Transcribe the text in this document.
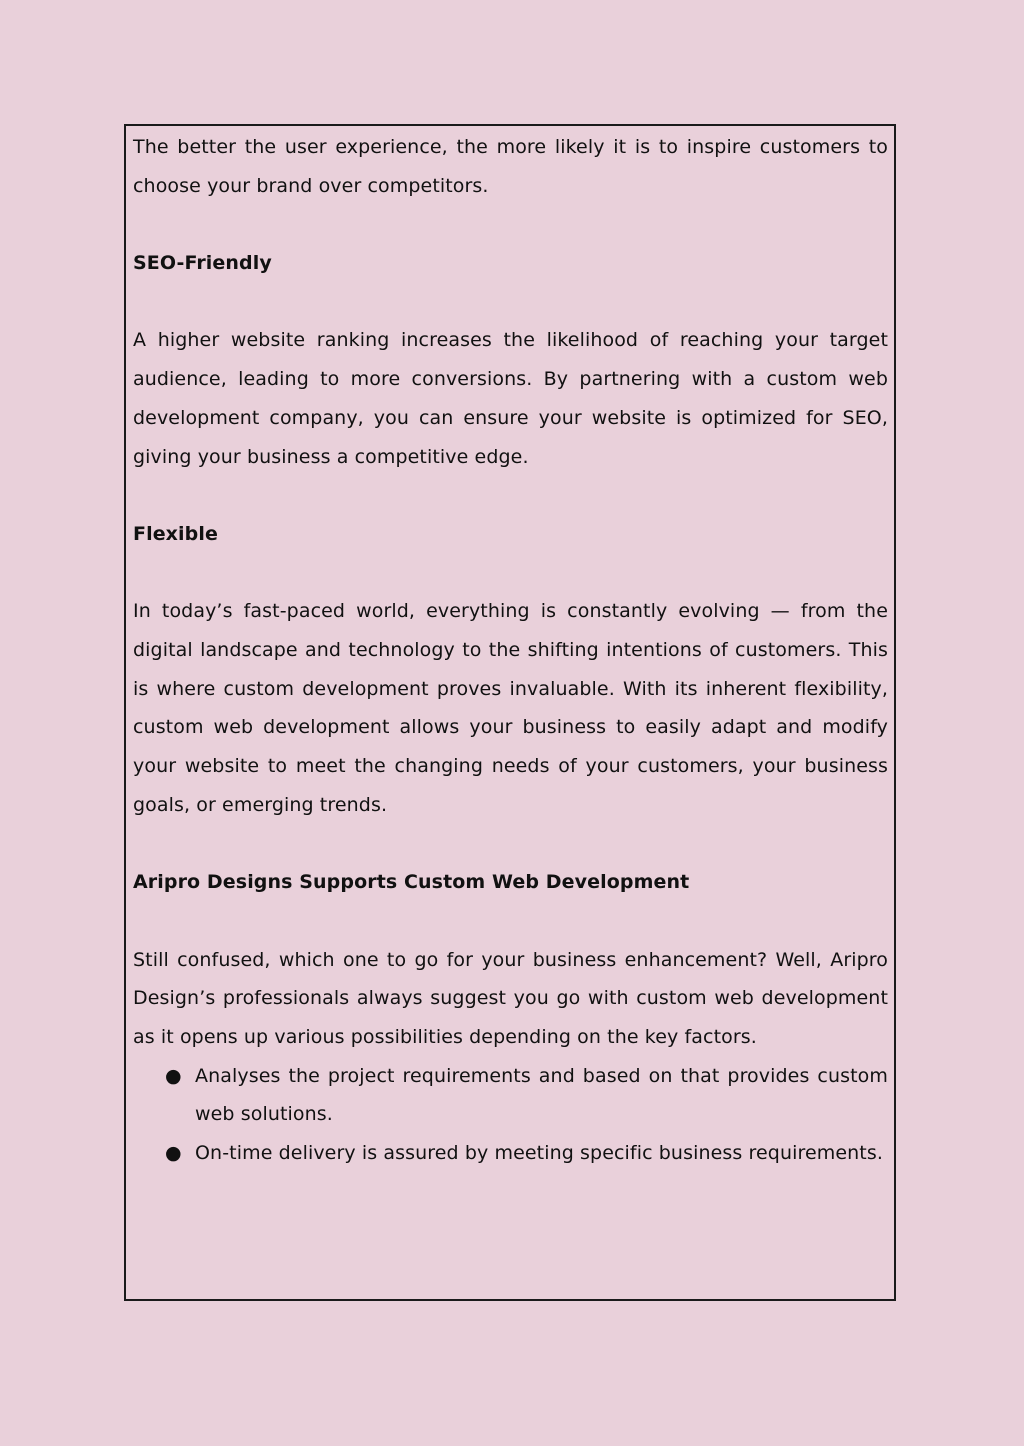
The better the user experience, the more likely it is to inspire customers to choose your brand over competitors.

SEO-Friendly

A higher website ranking increases the likelihood of reaching your target audience, leading to more conversions. By partnering with a custom web development company, you can ensure your website is optimized for SEO, giving your business a competitive edge.

Flexible

In today’s fast-paced world, everything is constantly evolving — from the digital landscape and technology to the shifting intentions of customers. This is where custom development proves invaluable. With its inherent flexibility, custom web development allows your business to easily adapt and modify your website to meet the changing needs of your customers, your business goals, or emerging trends.

Aripro Designs Supports Custom Web Development

Still confused, which one to go for your business enhancement? Well, Aripro Design’s professionals always suggest you go with custom web development as it opens up various possibilities depending on the key factors.

● Analyses the project requirements and based on that provides custom web solutions.
● On-time delivery is assured by meeting specific business requirements.
